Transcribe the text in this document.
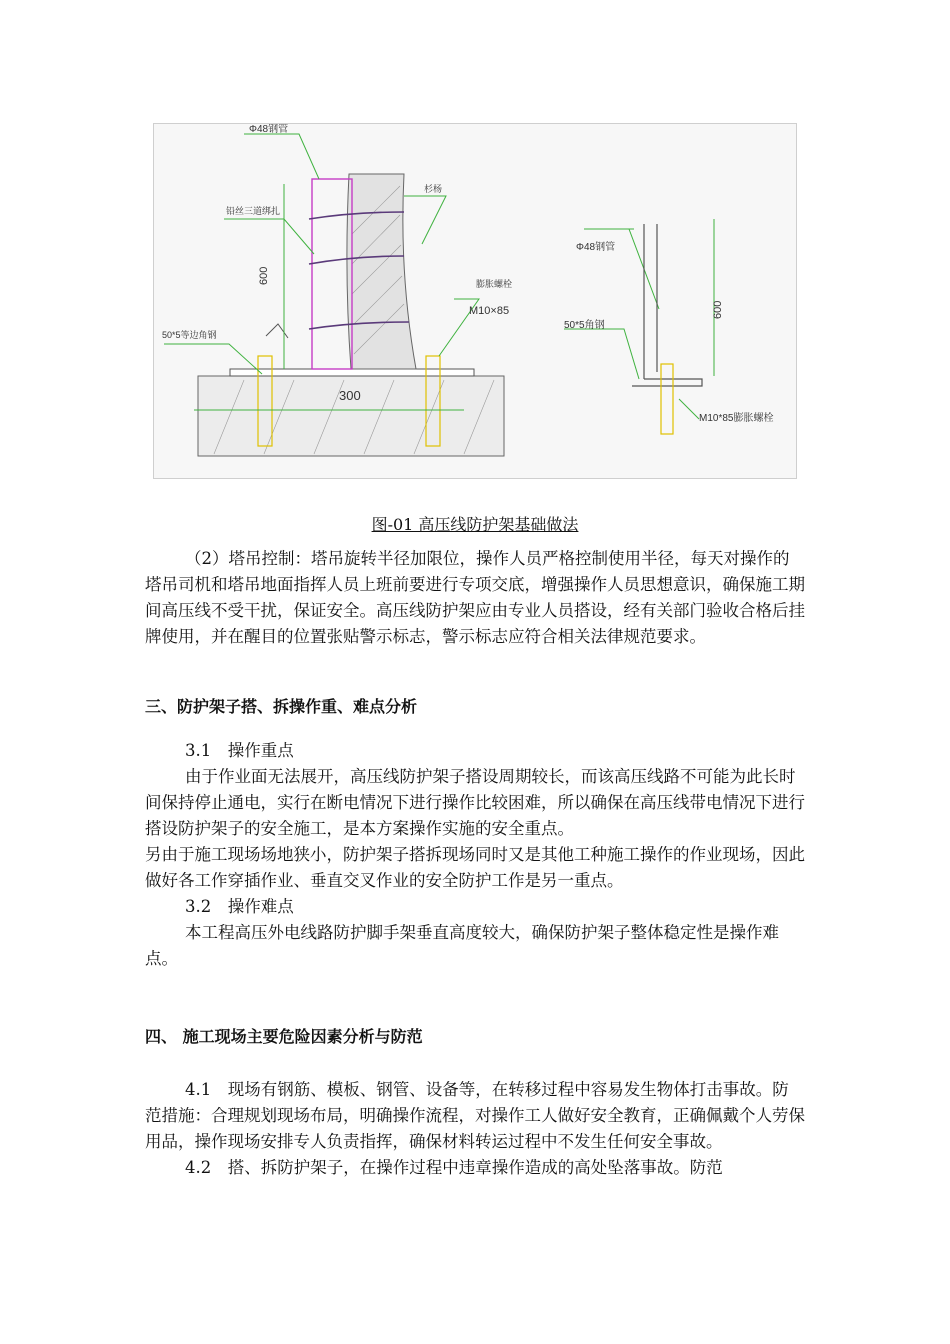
Φ48钢管
铅丝三道绑扎
杉杨
膨胀螺栓
M10×85
50*5等边角钢
600
300
Φ48钢管
50*5角钢
600
M10*85膨胀螺栓
图-01 高压线防护架基础做法

（2）塔吊控制：塔吊旋转半径加限位，操作人员严格控制使用半径，每天对操作的塔吊司机和塔吊地面指挥人员上班前要进行专项交底，增强操作人员思想意识，确保施工期间高压线不受干扰，保证安全。高压线防护架应由专业人员搭设，经有关部门验收合格后挂牌使用，并在醒目的位置张贴警示标志，警示标志应符合相关法律规范要求。

三、防护架子搭、拆操作重、难点分析

3.1　操作重点

由于作业面无法展开，高压线防护架子搭设周期较长，而该高压线路不可能为此长时间保持停止通电，实行在断电情况下进行操作比较困难，所以确保在高压线带电情况下进行搭设防护架子的安全施工，是本方案操作实施的安全重点。

另由于施工现场场地狭小，防护架子搭拆现场同时又是其他工种施工操作的作业现场，因此做好各工作穿插作业、垂直交叉作业的安全防护工作是另一重点。

3.2　操作难点

本工程高压外电线路防护脚手架垂直高度较大，确保防护架子整体稳定性是操作难点。

四、 施工现场主要危险因素分析与防范

4.1　现场有钢筋、模板、钢管、设备等，在转移过程中容易发生物体打击事故。防范措施：合理规划现场布局，明确操作流程，对操作工人做好安全教育，正确佩戴个人劳保用品，操作现场安排专人负责指挥，确保材料转运过程中不发生任何安全事故。

4.2　搭、拆防护架子，在操作过程中违章操作造成的高处坠落事故。防范
